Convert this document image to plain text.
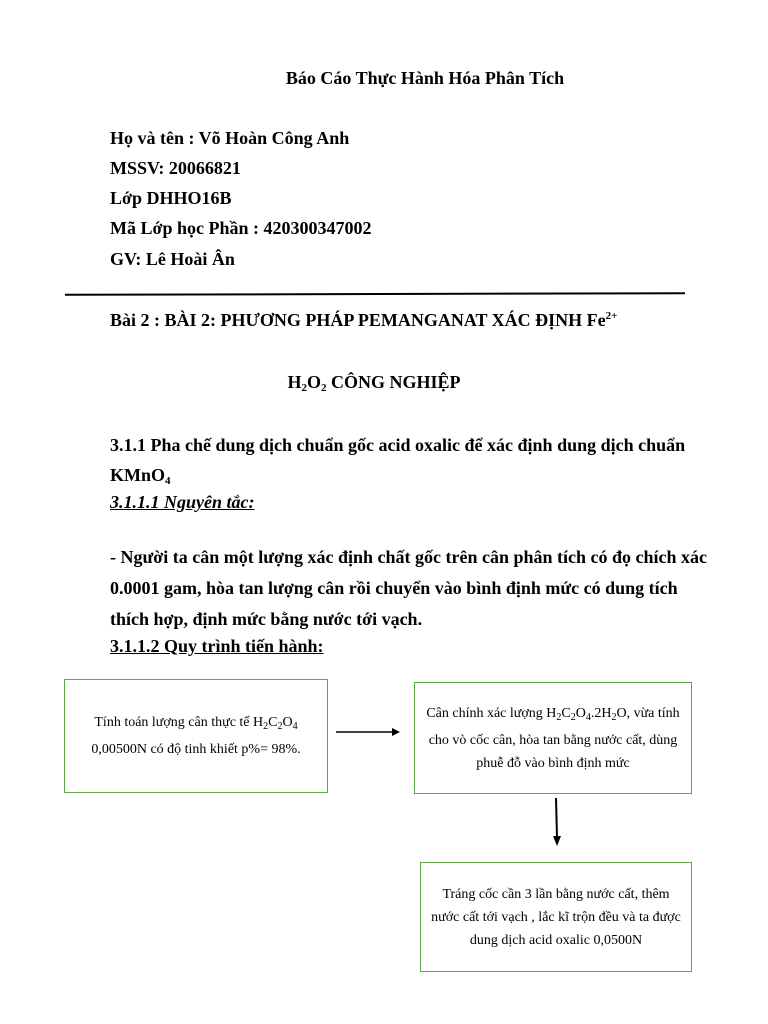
Báo Cáo Thực Hành Hóa Phân Tích
Họ và tên : Võ Hoàn Công Anh
MSSV: 20066821
Lớp DHHO16B
Mã Lớp học Phần : 420300347002
GV: Lê Hoài Ân
Bài 2 : BÀI 2: PHƯƠNG PHÁP PEMANGANAT XÁC ĐỊNH $Fe^{2+}$
$H_2O_2$ CÔNG NGHIỆP
3.1.1 Pha chế dung dịch chuẩn gốc acid oxalic để xác định dung dịch chuẩn KMnO$_4$
3.1.1.1 Nguyên tắc:
- Người ta cân một lượng xác định chất gốc trên cân phân tích có đọ chích xác 0.0001 gam, hòa tan lượng cân rồi chuyển vào bình định mức có dung tích thích hợp, định mức bằng nước tới vạch.
3.1.1.2 Quy trình tiến hành:
Tính toán lượng cân thực tế $H_2C_2O_4$ 0,00500N có độ tinh khiết p%= 98%.
Cân chính xác lượng $H_2C_2O_4.2H_2O$, vừa tính cho vò cốc cân, hòa tan bằng nước cất, dùng phuễ đỗ vào bình định mức
Tráng cốc cần 3 lần bằng nước cất, thêm nước cất tới vạch , lắc kĩ trộn đều và ta được dung dịch acid oxalic 0,0500N
